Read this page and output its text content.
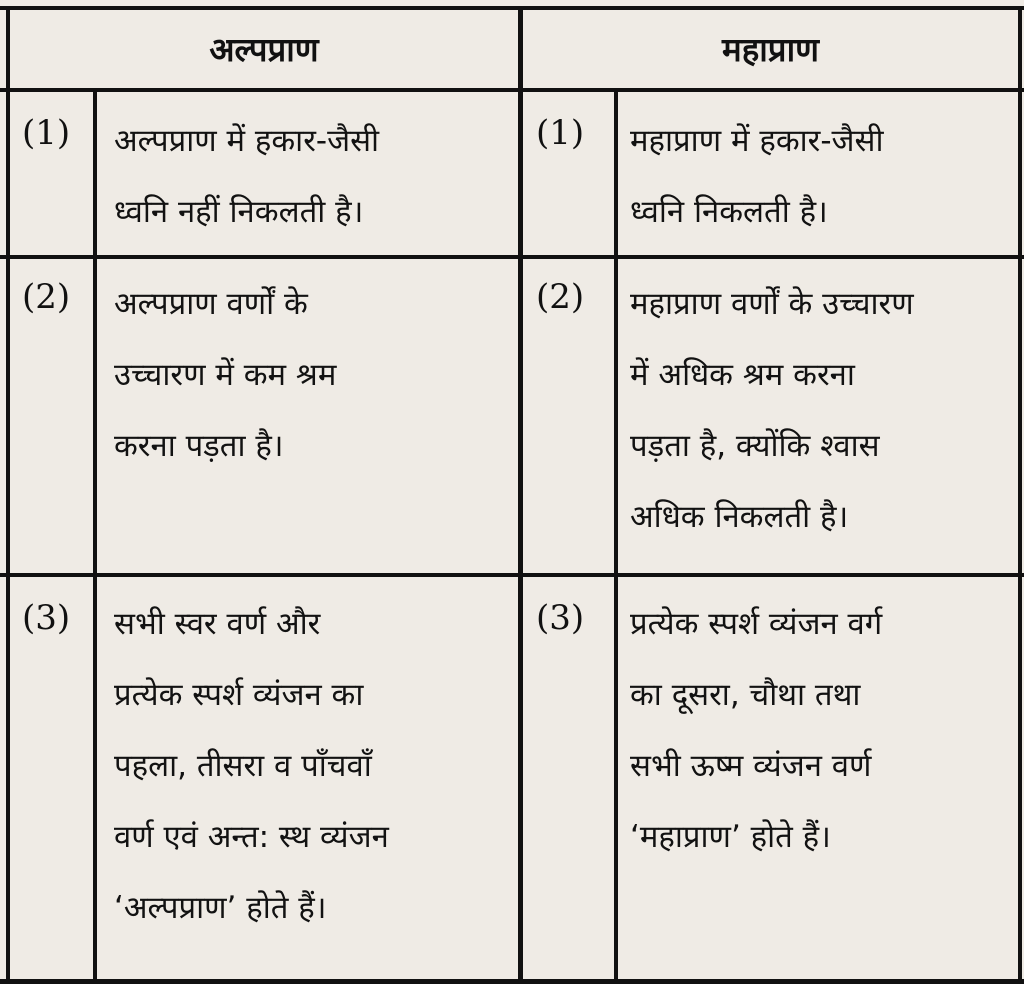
अल्पप्राण	महाप्राण
(1) अल्पप्राण में हकार-जैसी
ध्वनि नहीं निकलती है।
(1) महाप्राण में हकार-जैसी
ध्वनि निकलती है।
(2) अल्पप्राण वर्णों के
उच्चारण में कम श्रम
करना पड़ता है।
(2) महाप्राण वर्णों के उच्चारण
में अधिक श्रम करना
पड़ता है, क्योंकि श्वास
अधिक निकलती है।
(3) सभी स्वर वर्ण और
प्रत्येक स्पर्श व्यंजन का
पहला, तीसरा व पाँचवाँ
वर्ण एवं अन्त: स्थ व्यंजन
‘अल्पप्राण’ होते हैं।
(3) प्रत्येक स्पर्श व्यंजन वर्ग
का दूसरा, चौथा तथा
सभी ऊष्म व्यंजन वर्ण
‘महाप्राण’ होते हैं।
